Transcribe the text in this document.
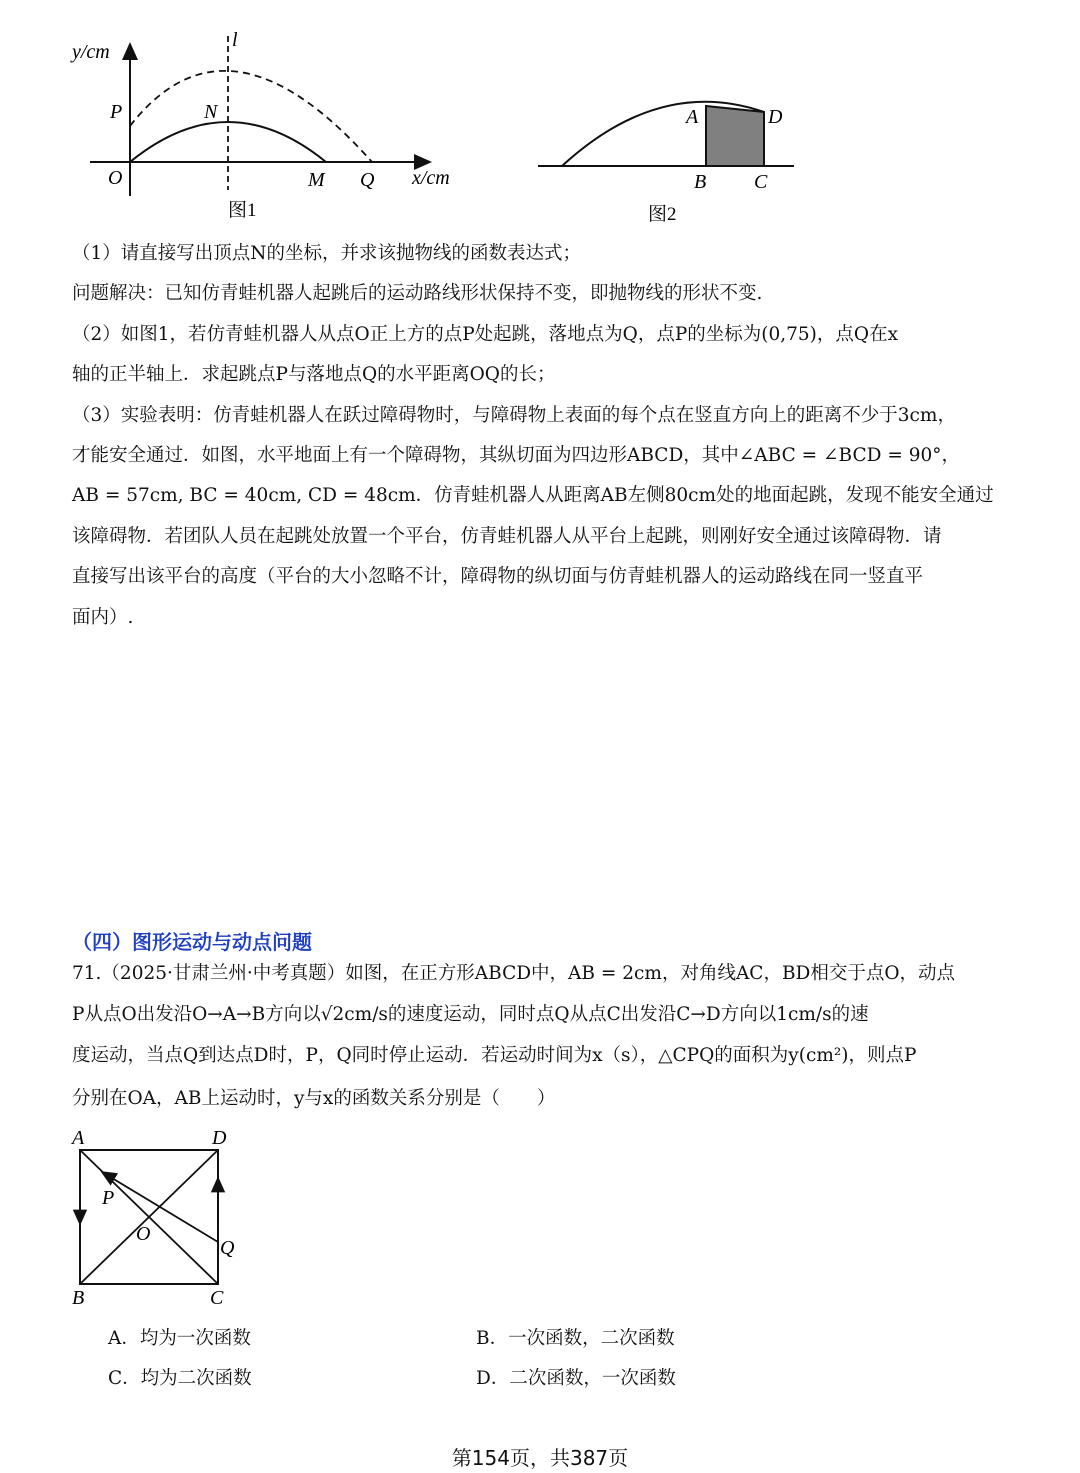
y/cm
x/cm
l
P	N
O	M Q
图1
A	D
B C
图2

（1）请直接写出顶点N的坐标，并求该抛物线的函数表达式；

问题解决：已知仿青蛙机器人起跳后的运动路线形状保持不变，即抛物线的形状不变.

（2）如图1，若仿青蛙机器人从点O正上方的点P处起跳，落地点为Q，点P的坐标为(0,75)，点Q在x

轴的正半轴上．求起跳点P与落地点Q的水平距离OQ的长；

（3）实验表明：仿青蛙机器人在跃过障碍物时，与障碍物上表面的每个点在竖直方向上的距离不少于3cm，

才能安全通过．如图，水平地面上有一个障碍物，其纵切面为四边形ABCD，其中∠ABC = ∠BCD = 90°，

AB = 57cm, BC = 40cm, CD = 48cm．仿青蛙机器人从距离AB左侧80cm处的地面起跳，发现不能安全通过

该障碍物．若团队人员在起跳处放置一个平台，仿青蛙机器人从平台上起跳，则刚好安全通过该障碍物．请

直接写出该平台的高度（平台的大小忽略不计，障碍物的纵切面与仿青蛙机器人的运动路线在同一竖直平

面内）.

（四）图形运动与动点问题

71.（2025·甘肃兰州·中考真题）如图，在正方形ABCD中，AB = 2cm，对角线AC，BD相交于点O，动点

P从点O出发沿O→A→B方向以√2cm/s的速度运动，同时点Q从点C出发沿C→D方向以1cm/s的速

度运动，当点Q到达点D时，P，Q同时停止运动．若运动时间为x（s），△CPQ的面积为y(cm²)，则点P

分别在OA，AB上运动时，y与x的函数关系分别是（　　）

A	D
B	C
O
P
Q
A．均为一次函数	B．一次函数，二次函数
C．均为二次函数	D．二次函数，一次函数
第154页，共387页
